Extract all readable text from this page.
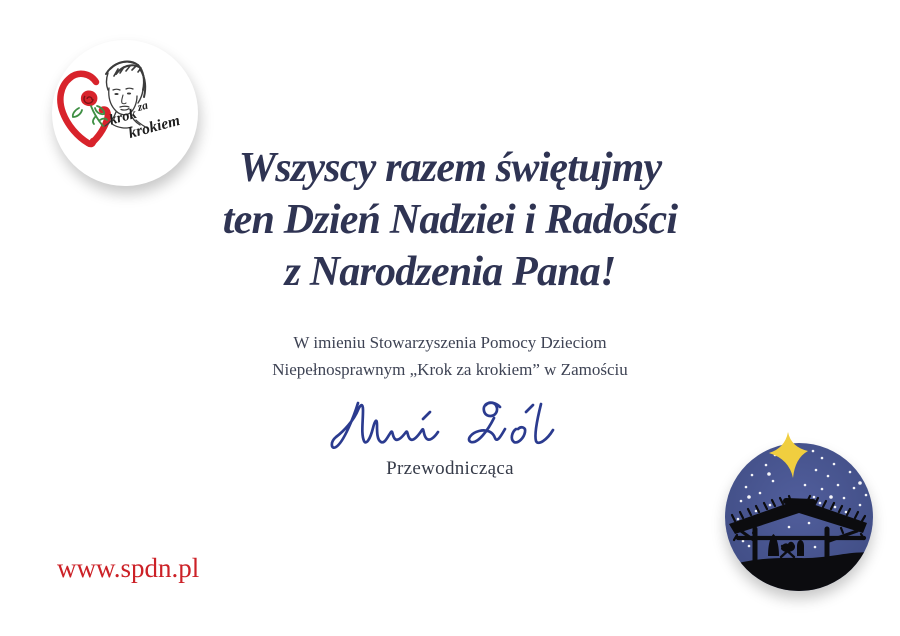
krok$^{za}$
krokiem
Wszyscy razem świętujmy
ten Dzień Nadziei i Radości
z Narodzenia Pana!
W imieniu Stowarzyszenia Pomocy Dzieciom
Niepełnosprawnym „Krok za krokiem” w Zamościu
Przewodnicząca
www.spdn.pl
